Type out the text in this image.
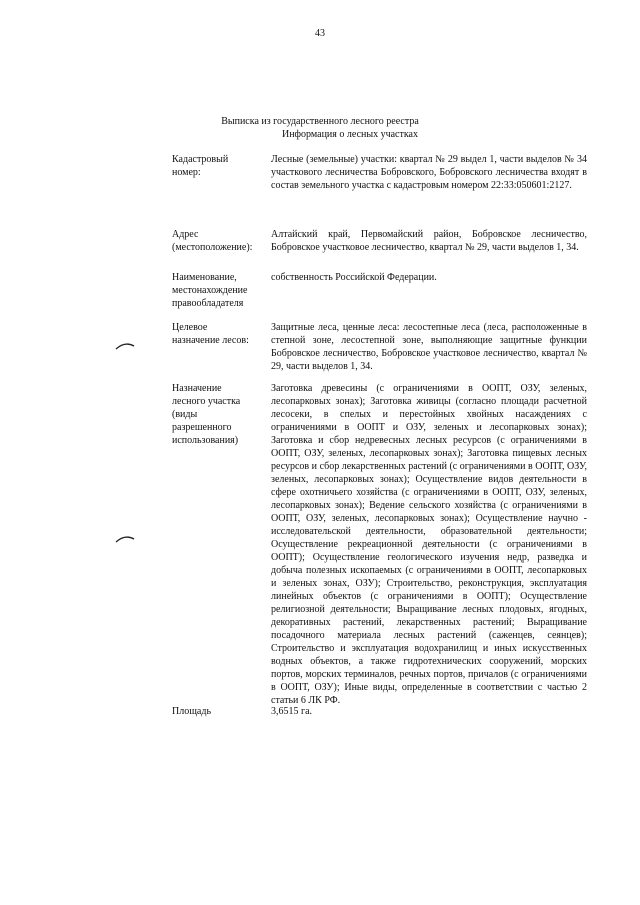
43
Выписка из государственного лесного реестра
Информация о лесных участках
Кадастровый
номер:
Лесные (земельные) участки: квартал № 29 выдел 1, части выделов № 34 участкового лесничества Бобровского, Бобровского лесничества входят в состав земельного участка с кадастровым номером 22:33:050601:2127.
Адрес
(местоположение):
Алтайский край, Первомайский район, Бобровское лесничество, Бобровское участковое лесничество, квартал № 29, части выделов 1, 34.
Наименование,
местонахождение
правообладателя
собственность Российской Федерации.
Целевое
назначение лесов:
Защитные леса, ценные леса: лесостепные леса (леса, расположенные в степной зоне, лесостепной зоне, выполняющие защитные функции Бобровское лесничество, Бобровское участковое лесничество, квартал № 29, части выделов 1, 34.
Назначение
лесного участка
(виды
разрешенного
использования)
Заготовка древесины (с ограничениями в ООПТ, ОЗУ, зеленых, лесопарковых зонах); Заготовка живицы (согласно площади расчетной лесосеки, в спелых и перестойных хвойных насаждениях с ограничениями в ООПТ и ОЗУ, зеленых и лесопарковых зонах); Заготовка и сбор недревесных лесных ресурсов (с ограничениями в ООПТ, ОЗУ, зеленых, лесопарковых зонах); Заготовка пищевых лесных ресурсов и сбор лекарственных растений (с ограничениями в ООПТ, ОЗУ, зеленых, лесопарковых зонах); Осуществление видов деятельности в сфере охотничьего хозяйства (с ограничениями в ООПТ, ОЗУ, зеленых, лесопарковых зонах); Ведение сельского хозяйства (с ограничениями в ООПТ, ОЗУ, зеленых, лесопарковых зонах); Осуществление научно - исследовательской деятельности, образовательной деятельности; Осуществление рекреационной деятельности (с ограничениями в ООПТ); Осуществление геологического изучения недр, разведка и добыча полезных ископаемых (с ограничениями в ООПТ, лесопарковых и зеленых зонах, ОЗУ); Строительство, реконструкция, эксплуатация линейных объектов (с ограничениями в ООПТ); Осуществление религиозной деятельности; Выращивание лесных плодовых, ягодных, декоративных растений, лекарственных растений; Выращивание посадочного материала лесных растений (саженцев, сеянцев); Строительство и эксплуатация водохранилищ и иных искусственных водных объектов, а также гидротехнических сооружений, морских портов, морских терминалов, речных портов, причалов (с ограничениями в ООПТ, ОЗУ); Иные виды, определенные в соответствии с частью 2 статьи 6 ЛК РФ.
Площадь	3,6515 га.
